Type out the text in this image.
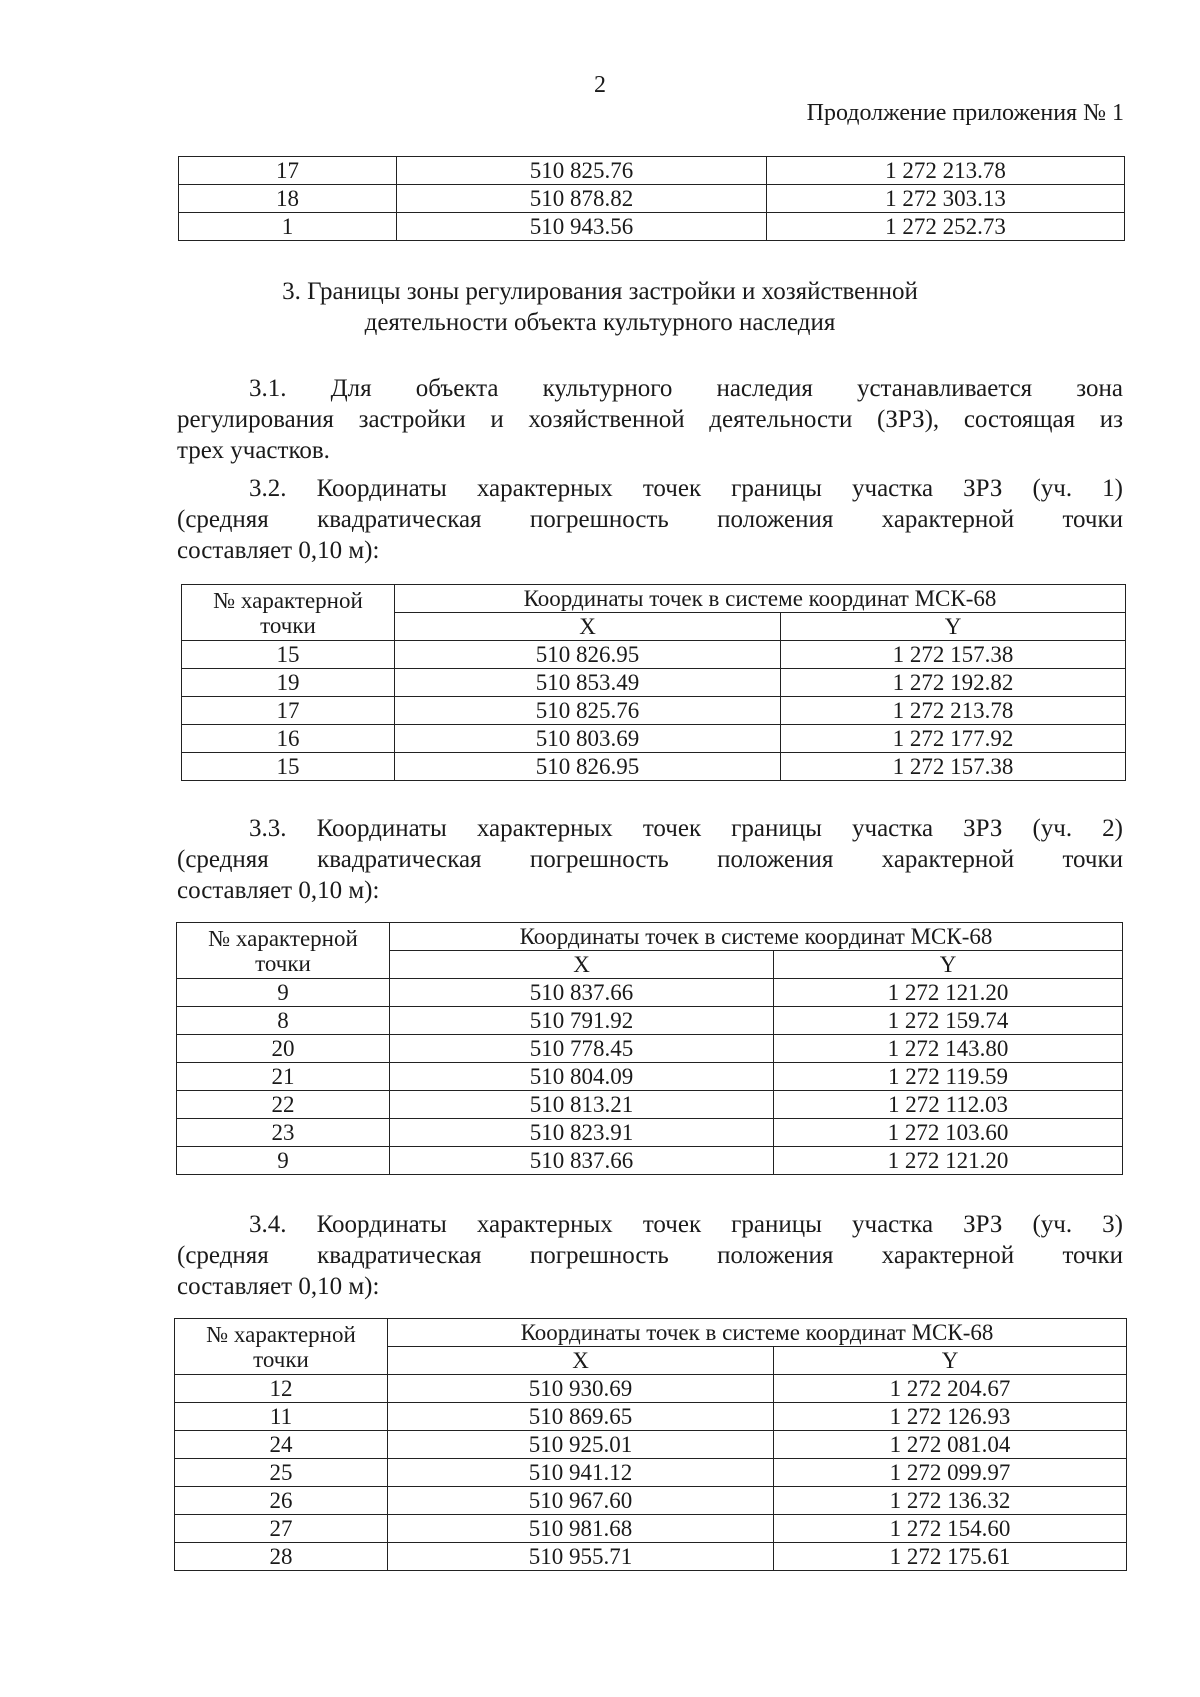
2
Продолжение приложения № 1
17	510 825.76	1 272 213.78
18	510 878.82	1 272 303.13
1	510 943.56	1 272 252.73
3. Границы зоны регулирования застройки и хозяйственной
деятельности объекта культурного наследия
3.1. Для объекта культурного наследия устанавливается зона
регулирования застройки и хозяйственной деятельности (ЗРЗ), состоящая из
трех участков.
3.2. Координаты характерных точек границы участка ЗРЗ (уч. 1)
(средняя квадратическая погрешность положения характерной точки
составляет 0,10 м):
№ характерной
точки	Координаты точек в системе координат МСК-68	
	X	Y
15	510 826.95	1 272 157.38
19	510 853.49	1 272 192.82
17	510 825.76	1 272 213.78
16	510 803.69	1 272 177.92
15	510 826.95	1 272 157.38
3.3. Координаты характерных точек границы участка ЗРЗ (уч. 2)
(средняя квадратическая погрешность положения характерной точки
составляет 0,10 м):
№ характерной
точки	Координаты точек в системе координат МСК-68	
	X	Y
9	510 837.66	1 272 121.20
8	510 791.92	1 272 159.74
20	510 778.45	1 272 143.80
21	510 804.09	1 272 119.59
22	510 813.21	1 272 112.03
23	510 823.91	1 272 103.60
9	510 837.66	1 272 121.20
3.4. Координаты характерных точек границы участка ЗРЗ (уч. 3)
(средняя квадратическая погрешность положения характерной точки
составляет 0,10 м):
№ характерной
точки	Координаты точек в системе координат МСК-68	
	X	Y
12	510 930.69	1 272 204.67
11	510 869.65	1 272 126.93
24	510 925.01	1 272 081.04
25	510 941.12	1 272 099.97
26	510 967.60	1 272 136.32
27	510 981.68	1 272 154.60
28	510 955.71	1 272 175.61
